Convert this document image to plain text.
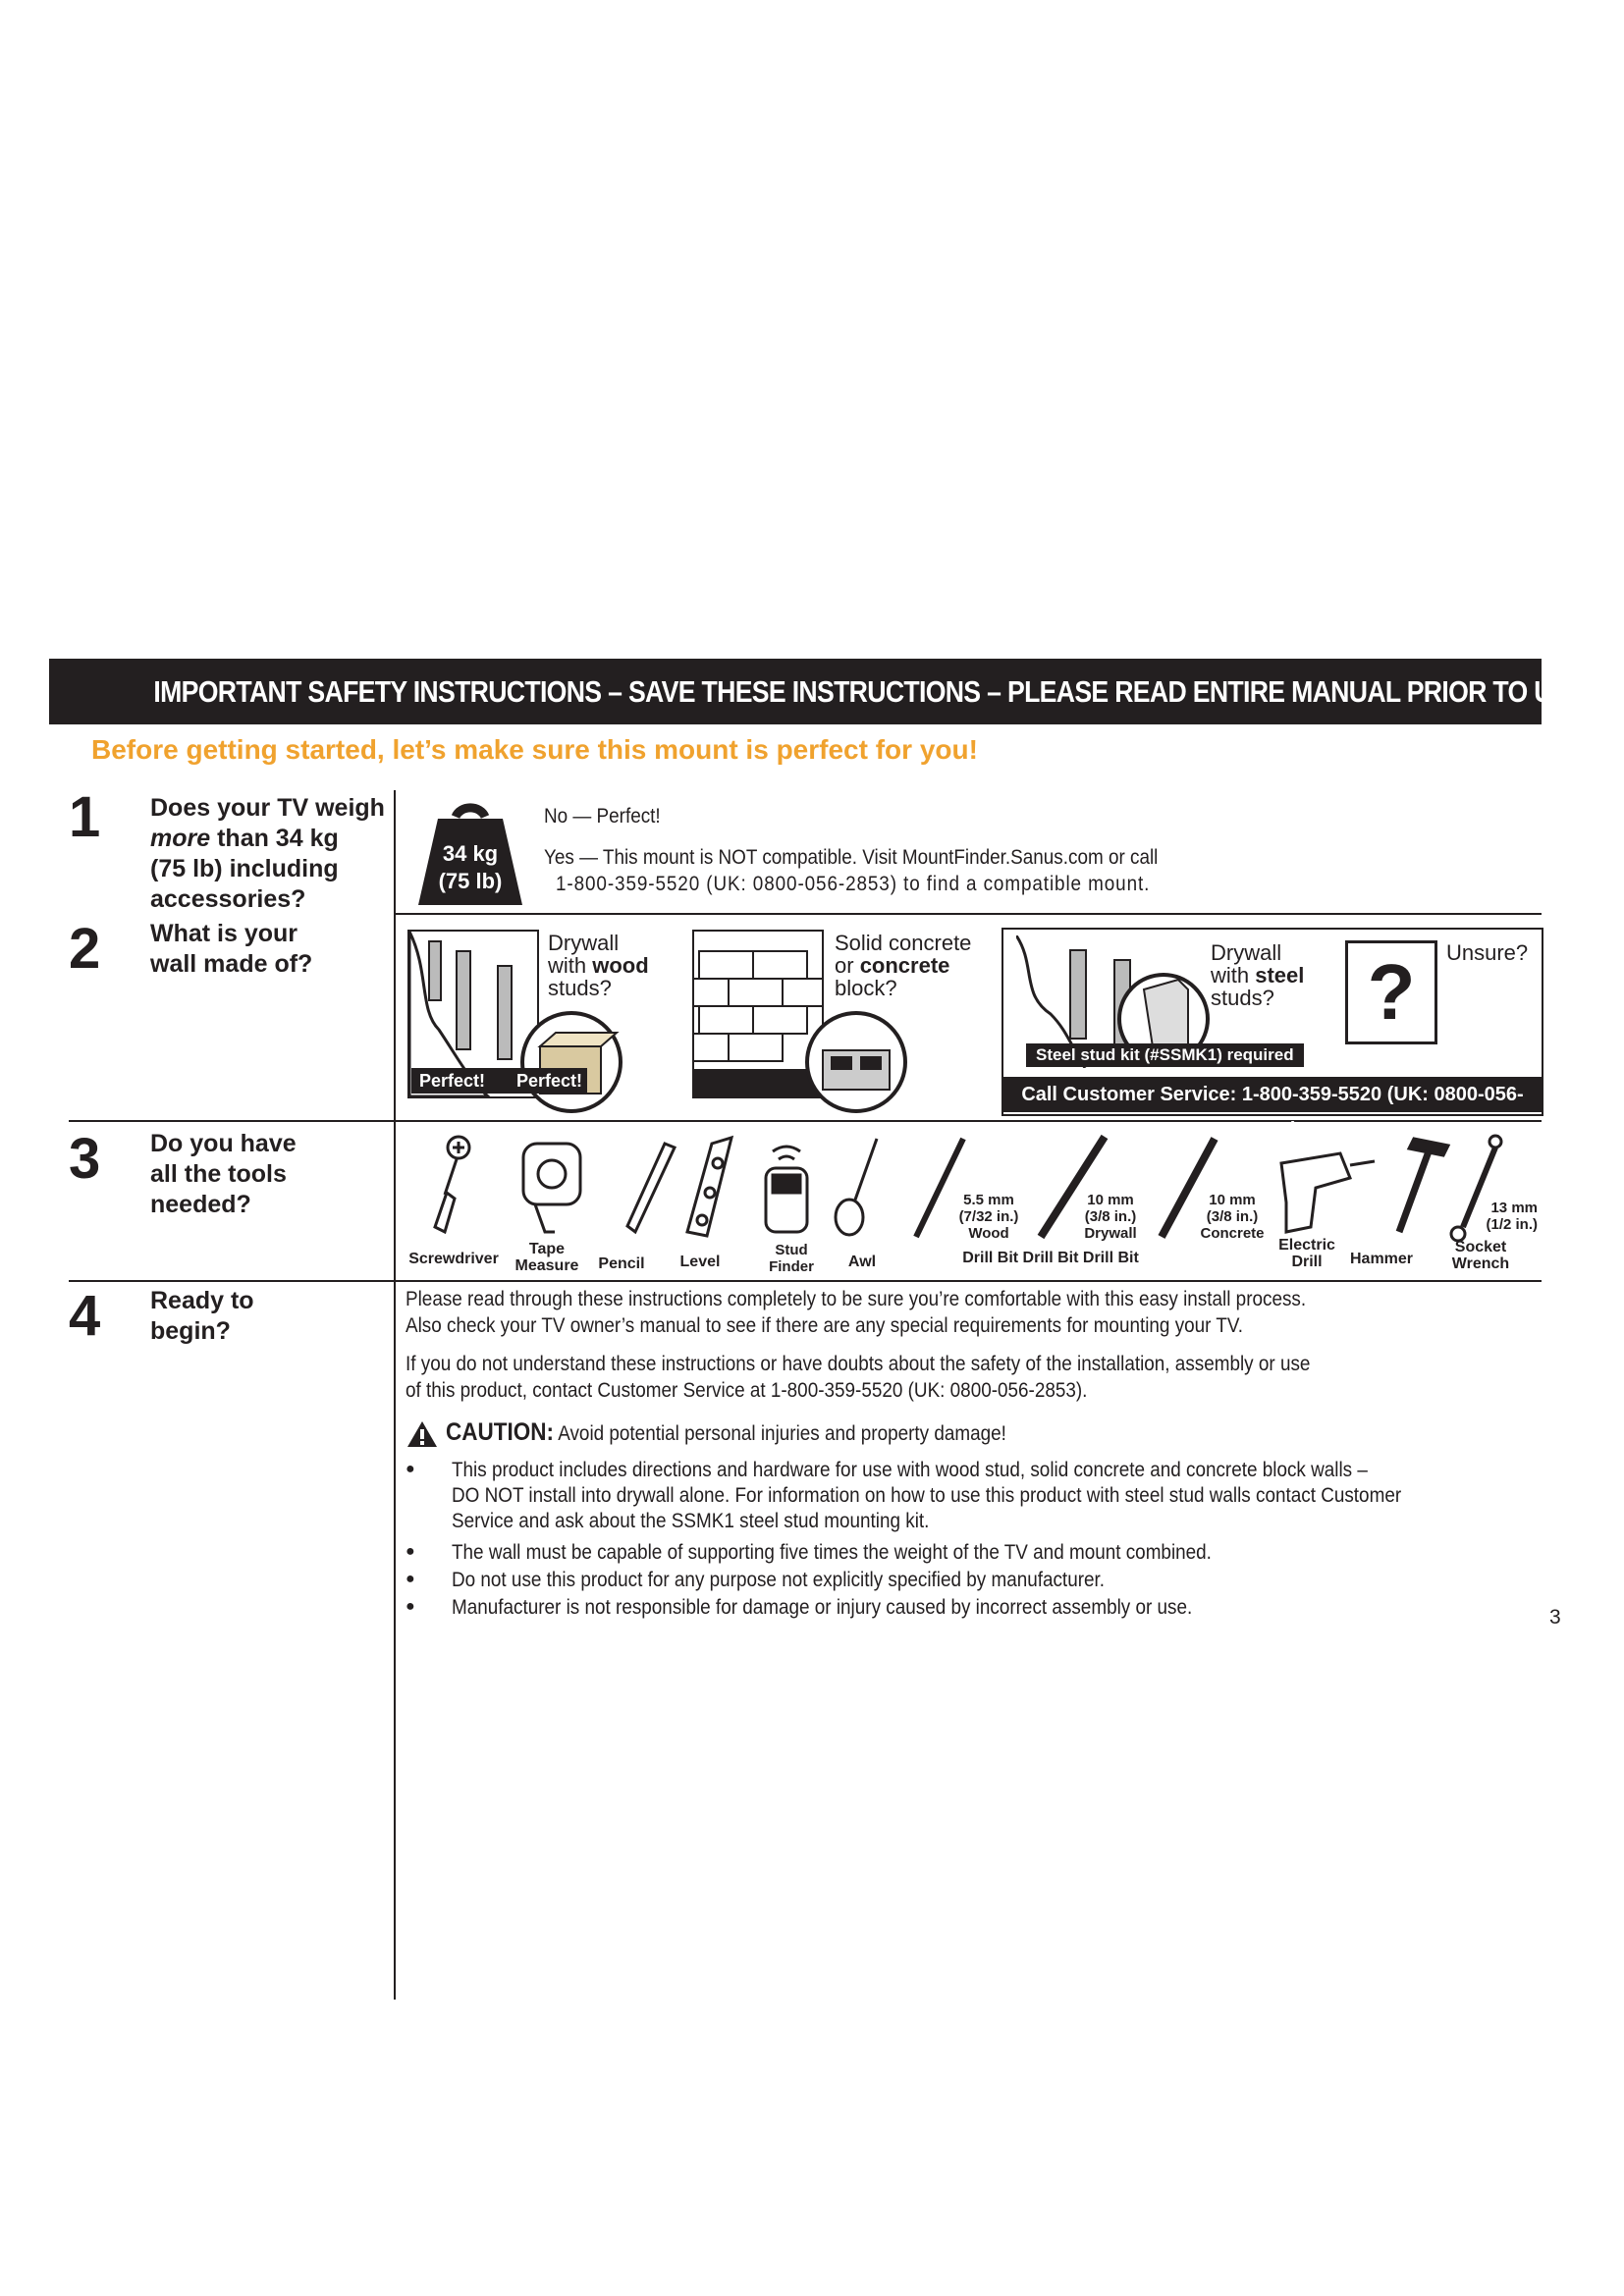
IMPORTANT SAFETY INSTRUCTIONS – SAVE THESE INSTRUCTIONS – PLEASE READ ENTIRE MANUAL PRIOR TO USE
Before getting started, let’s make sure this mount is perfect for you!
1 Does your TV weigh
more than 34 kg
(75 lb) including
accessories?
34 kg
(75 lb)
No — Perfect!
Yes — This mount is NOT compatible. Visit MountFinder.Sanus.com or call
1-800-359-5520 (UK: 0800-056-2853) to find a compatible mount.
2 What is your
wall made of?
Drywall
with wood
studs?
Perfect!
Solid concrete
or concrete
block?
Perfect!
Drywall
with steel
studs?	?	Unsure?
Steel stud kit (#SSMK1) required
Call Customer Service: 1-800-359-5520 (UK: 0800-056-2853)
3 Do you have
all the tools
needed?
Screwdriver
Tape
Measure	Pencil	Level
Stud
Finder	Awl
5.5 mm
(7/32 in.)
Wood
10 mm
(3/8 in.)
Drywall
10 mm
(3/8 in.)
Concrete
Drill Bit Drill Bit Drill Bit
Electric
Drill	Hammer
13 mm
(1/2 in.)
Socket
Wrench
4 Ready to
begin?
Please read through these instructions completely to be sure you’re comfortable with this easy install process.
Also check your TV owner’s manual to see if there are any special requirements for mounting your TV.
If you do not understand these instructions or have doubts about the safety of the installation, assembly or use
of this product, contact Customer Service at 1-800-359-5520 (UK: 0800-056-2853).
CAUTION: Avoid potential personal injuries and property damage!
● This product includes directions and hardware for use with wood stud, solid concrete and concrete block walls –
DO NOT install into drywall alone. For information on how to use this product with steel stud walls contact Customer
Service and ask about the SSMK1 steel stud mounting kit.
● The wall must be capable of supporting five times the weight of the TV and mount combined.
● Do not use this product for any purpose not explicitly specified by manufacturer.
● Manufacturer is not responsible for damage or injury caused by incorrect assembly or use.	3
